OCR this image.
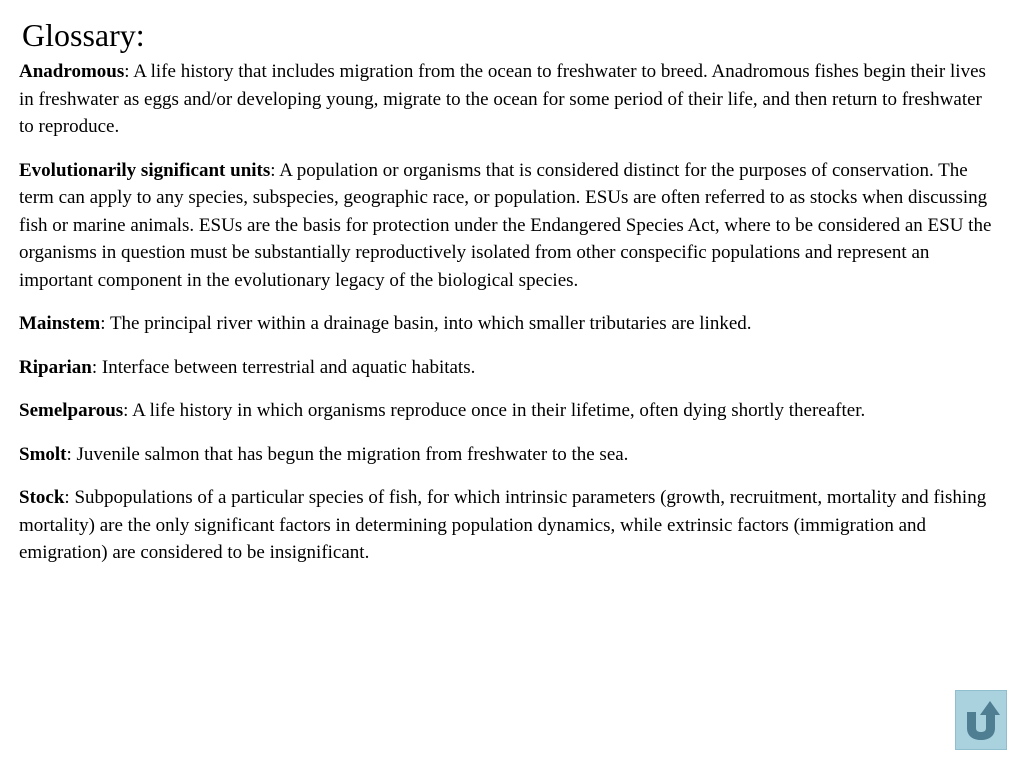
Glossary:

Anadromous: A life history that includes migration from the ocean to freshwater to breed. Anadromous fishes begin their lives in freshwater as eggs and/or developing young, migrate to the ocean for some period of their life, and then return to freshwater to reproduce.

Evolutionarily significant units: A population or organisms that is considered distinct for the purposes of conservation. The term can apply to any species, subspecies, geographic race, or population. ESUs are often referred to as stocks when discussing fish or marine animals. ESUs are the basis for protection under the Endangered Species Act, where to be considered an ESU the organisms in question must be substantially reproductively isolated from other conspecific populations and represent an important component in the evolutionary legacy of the biological species.

Mainstem: The principal river within a drainage basin, into which smaller tributaries are linked.

Riparian: Interface between terrestrial and aquatic habitats.

Semelparous: A life history in which organisms reproduce once in their lifetime, often dying shortly thereafter.

Smolt: Juvenile salmon that has begun the migration from freshwater to the sea.

Stock: Subpopulations of a particular species of fish, for which intrinsic parameters (growth, recruitment, mortality and fishing mortality) are the only significant factors in determining population dynamics, while extrinsic factors (immigration and emigration) are considered to be insignificant.
